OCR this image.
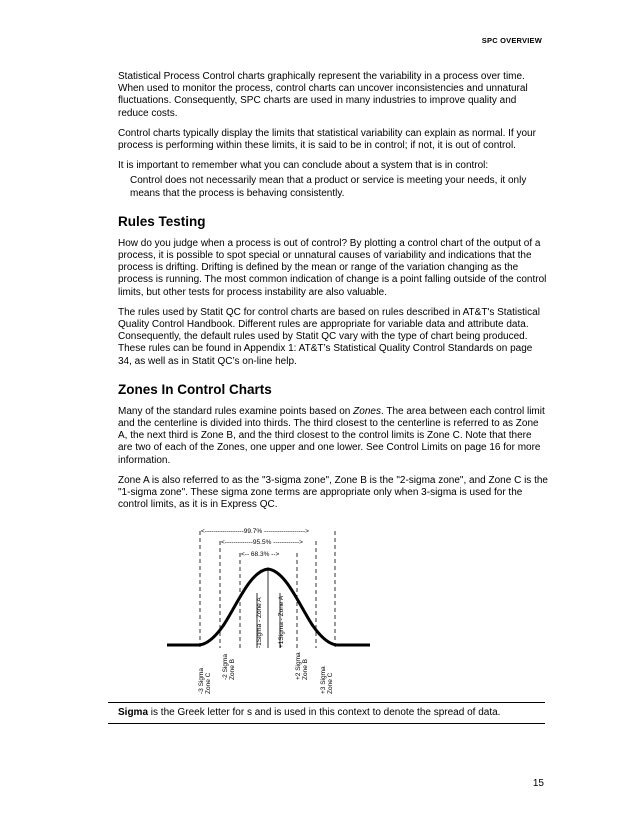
SPC OVERVIEW

Statistical Process Control charts graphically represent the variability in a process over time. When used to monitor the process, control charts can uncover inconsistencies and unnatural fluctuations. Consequently, SPC charts are used in many industries to improve quality and reduce costs.

Control charts typically display the limits that statistical variability can explain as normal. If your process is performing within these limits, it is said to be in control; if not, it is out of control.

It is important to remember what you can conclude about a system that is in control:

Control does not necessarily mean that a product or service is meeting your needs, it only means that the process is behaving consistently.

Rules Testing

How do you judge when a process is out of control? By plotting a control chart of the output of a process, it is possible to spot special or unnatural causes of variability and indications that the process is drifting. Drifting is defined by the mean or range of the variation changing as the process is running. The most common indication of change is a point falling outside of the control limits, but other tests for process instability are also valuable.

The rules used by Statit QC for control charts are based on rules described in AT&T's Statistical Quality Control Handbook. Different rules are appropriate for variable data and attribute data. Consequently, the default rules used by Statit QC vary with the type of chart being produced. These rules can be found in Appendix 1: AT&T’s Statistical Quality Control Standards on page 34, as well as in Statit QC’s on-line help.

Zones In Control Charts

Many of the standard rules examine points based on Zones. The area between each control limit and the centerline is divided into thirds. The third closest to the centerline is referred to as Zone A, the next third is Zone B, and the third closest to the control limits is Zone C. Note that there are two of each of the Zones, one upper and one lower. See Control Limits on page 16 for more information.

Zone A is also referred to as the "3-sigma zone", Zone B is the "2-sigma zone", and Zone C is the "1-sigma zone". These sigma zone terms are appropriate only when 3-sigma is used for the control limits, as it is in Express QC.

<------------------99.7% ------------------->
<-------------95.5% ------------>
<-- 68.3% -->
-3 SigmaZone C
-2 SigmaZone B
-1Sigma - Zone A +1Sigma - Zone A
+2 SigmaZone B +3 SigmaZone C
Sigma is the Greek letter for s and is used in this context to denote the spread of data.
15
